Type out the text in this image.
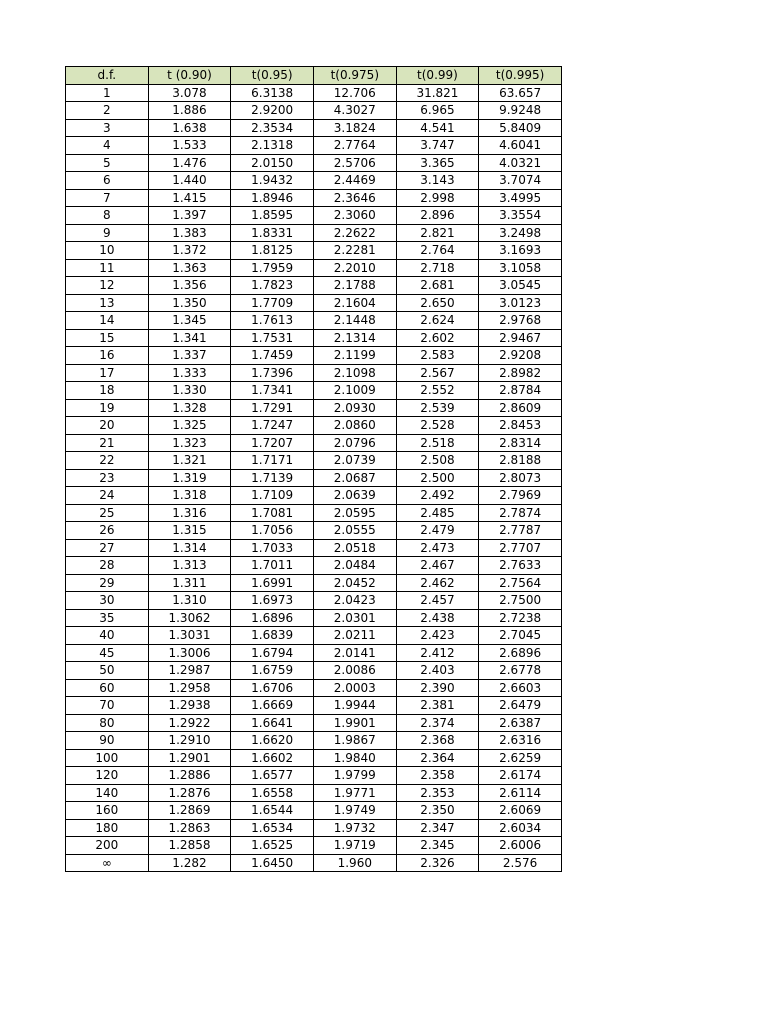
d.f.	t (0.90)	t(0.95)	t(0.975)	t(0.99)	t(0.995)
1	3.078	6.3138	12.706	31.821	63.657
2	1.886	2.9200	4.3027	6.965	9.9248
3	1.638	2.3534	3.1824	4.541	5.8409
4	1.533	2.1318	2.7764	3.747	4.6041
5	1.476	2.0150	2.5706	3.365	4.0321
6	1.440	1.9432	2.4469	3.143	3.7074
7	1.415	1.8946	2.3646	2.998	3.4995
8	1.397	1.8595	2.3060	2.896	3.3554
9	1.383	1.8331	2.2622	2.821	3.2498
10	1.372	1.8125	2.2281	2.764	3.1693
11	1.363	1.7959	2.2010	2.718	3.1058
12	1.356	1.7823	2.1788	2.681	3.0545
13	1.350	1.7709	2.1604	2.650	3.0123
14	1.345	1.7613	2.1448	2.624	2.9768
15	1.341	1.7531	2.1314	2.602	2.9467
16	1.337	1.7459	2.1199	2.583	2.9208
17	1.333	1.7396	2.1098	2.567	2.8982
18	1.330	1.7341	2.1009	2.552	2.8784
19	1.328	1.7291	2.0930	2.539	2.8609
20	1.325	1.7247	2.0860	2.528	2.8453
21	1.323	1.7207	2.0796	2.518	2.8314
22	1.321	1.7171	2.0739	2.508	2.8188
23	1.319	1.7139	2.0687	2.500	2.8073
24	1.318	1.7109	2.0639	2.492	2.7969
25	1.316	1.7081	2.0595	2.485	2.7874
26	1.315	1.7056	2.0555	2.479	2.7787
27	1.314	1.7033	2.0518	2.473	2.7707
28	1.313	1.7011	2.0484	2.467	2.7633
29	1.311	1.6991	2.0452	2.462	2.7564
30	1.310	1.6973	2.0423	2.457	2.7500
35	1.3062	1.6896	2.0301	2.438	2.7238
40	1.3031	1.6839	2.0211	2.423	2.7045
45	1.3006	1.6794	2.0141	2.412	2.6896
50	1.2987	1.6759	2.0086	2.403	2.6778
60	1.2958	1.6706	2.0003	2.390	2.6603
70	1.2938	1.6669	1.9944	2.381	2.6479
80	1.2922	1.6641	1.9901	2.374	2.6387
90	1.2910	1.6620	1.9867	2.368	2.6316
100	1.2901	1.6602	1.9840	2.364	2.6259
120	1.2886	1.6577	1.9799	2.358	2.6174
140	1.2876	1.6558	1.9771	2.353	2.6114
160	1.2869	1.6544	1.9749	2.350	2.6069
180	1.2863	1.6534	1.9732	2.347	2.6034
200	1.2858	1.6525	1.9719	2.345	2.6006
∞	1.282	1.6450	1.960	2.326	2.576
